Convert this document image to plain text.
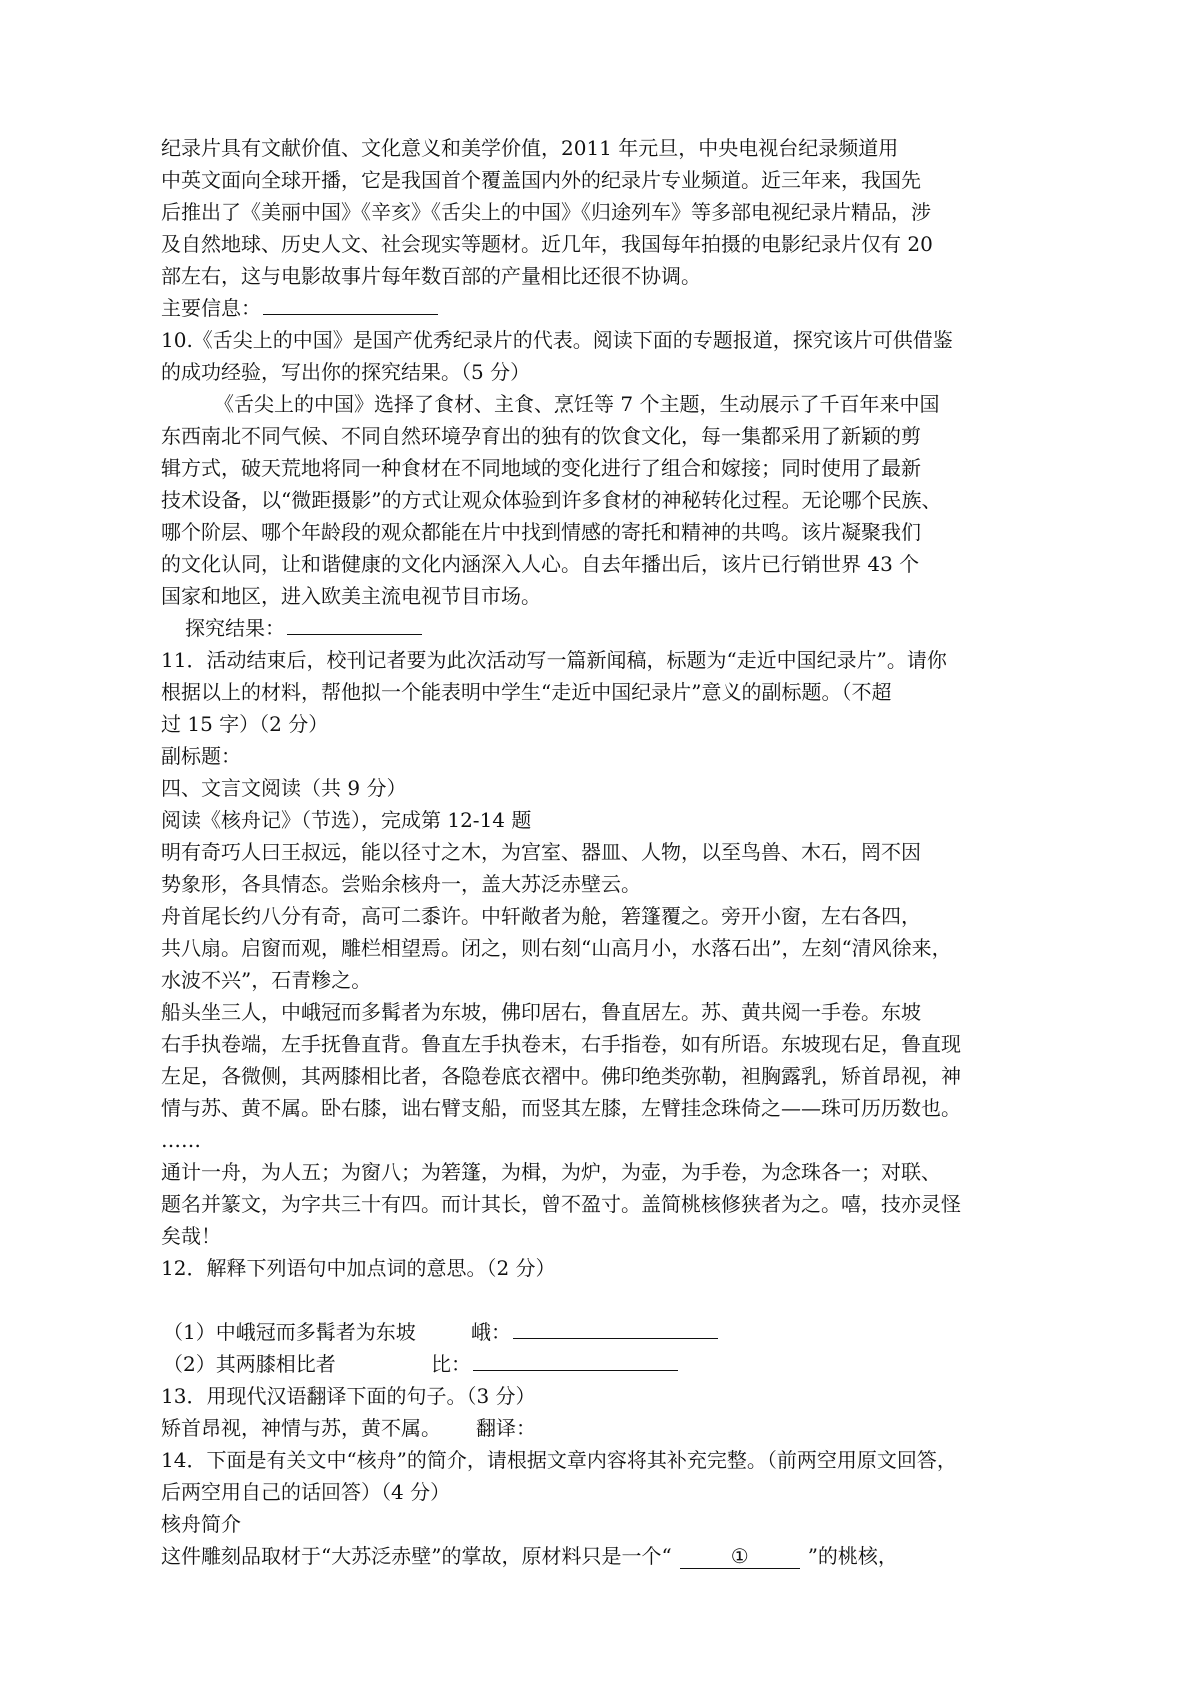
纪录片具有文献价值、文化意义和美学价值，2011 年元旦，中央电视台纪录频道用
中英文面向全球开播，它是我国首个覆盖国内外的纪录片专业频道。近三年来，我国先
后推出了《美丽中国》《辛亥》《舌尖上的中国》《归途列车》等多部电视纪录片精品，涉
及自然地球、历史人文、社会现实等题材。近几年，我国每年拍摄的电影纪录片仅有 20
部左右，这与电影故事片每年数百部的产量相比还很不协调。
主要信息：
10.《舌尖上的中国》是国产优秀纪录片的代表。阅读下面的专题报道，探究该片可供借鉴
的成功经验，写出你的探究结果。（5 分）
《舌尖上的中国》选择了食材、主食、烹饪等 7 个主题，生动展示了千百年来中国
东西南北不同气候、不同自然环境孕育出的独有的饮食文化，每一集都采用了新颖的剪
辑方式，破天荒地将同一种食材在不同地域的变化进行了组合和嫁接；同时使用了最新
技术设备，以“微距摄影”的方式让观众体验到许多食材的神秘转化过程。无论哪个民族、
哪个阶层、哪个年龄段的观众都能在片中找到情感的寄托和精神的共鸣。该片凝聚我们
的文化认同，让和谐健康的文化内涵深入人心。自去年播出后，该片已行销世界 43 个
国家和地区，进入欧美主流电视节目市场。
探究结果：
11．活动结束后，校刊记者要为此次活动写一篇新闻稿，标题为“走近中国纪录片”。请你
根据以上的材料，帮他拟一个能表明中学生“走近中国纪录片”意义的副标题。（不超
过 15 字）（2 分）
副标题：
四、文言文阅读（共 9 分）
阅读《核舟记》（节选），完成第 12-14 题
明有奇巧人曰王叔远，能以径寸之木，为宫室、器皿、人物，以至鸟兽、木石，罔不因
势象形，各具情态。尝贻余核舟一，盖大苏泛赤壁云。
舟首尾长约八分有奇，高可二黍许。中轩敞者为舱，箬篷覆之。旁开小窗，左右各四，
共八扇。启窗而观，雕栏相望焉。闭之，则右刻“山高月小，水落石出”，左刻“清风徐来，
水波不兴”，石青糁之。
船头坐三人，中峨冠而多髯者为东坡，佛印居右，鲁直居左。苏、黄共阅一手卷。东坡
右手执卷端，左手抚鲁直背。鲁直左手执卷末，右手指卷，如有所语。东坡现右足，鲁直现
左足，各微侧，其两膝相比者，各隐卷底衣褶中。佛印绝类弥勒，袒胸露乳，矫首昂视，神
情与苏、黄不属。卧右膝，诎右臂支船，而竖其左膝，左臂挂念珠倚之——珠可历历数也。
……
通计一舟，为人五；为窗八；为箬篷，为楫，为炉，为壶，为手卷，为念珠各一；对联、
题名并篆文，为字共三十有四。而计其长，曾不盈寸。盖简桃核修狭者为之。嘻，技亦灵怪
矣哉！
12．解释下列语句中加点词的意思。（2 分）
（1）中峨冠而多髯者为东坡	峨：
（2）其两膝相比者	比：
13．用现代汉语翻译下面的句子。（3 分）
矫首昂视，神情与苏，黄不属。 翻译：
14．下面是有关文中“核舟”的简介，请根据文章内容将其补充完整。（前两空用原文回答，
后两空用自己的话回答）（4 分）
核舟简介
这件雕刻品取材于“大苏泛赤壁”的掌故，原材料只是一个“	①	”的桃核，
